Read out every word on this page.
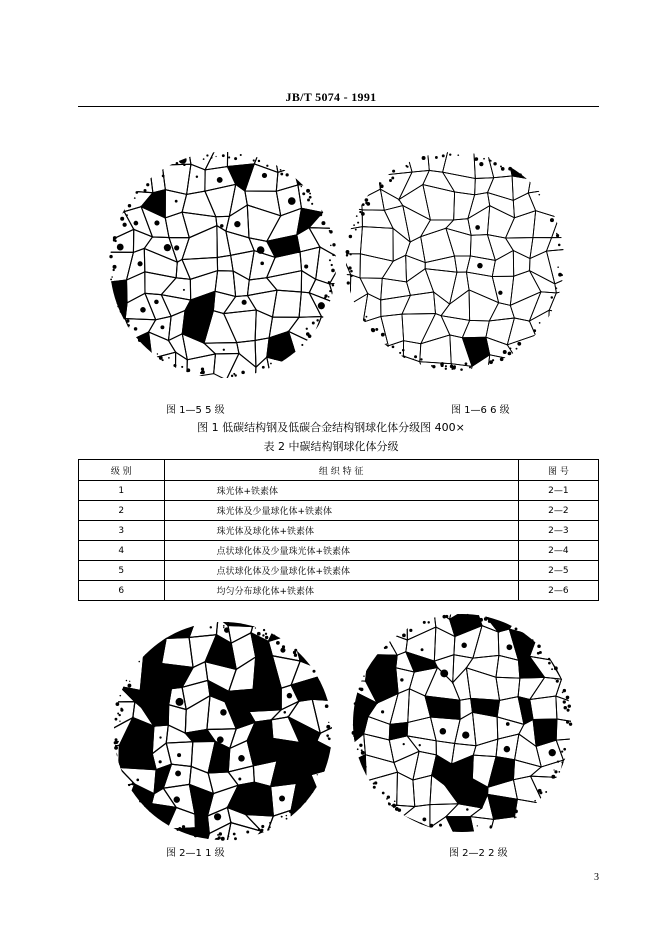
JB/T 5074 - 1991
图 1—5 5 级	图 1—6 6 级
图 1 低碳结构钢及低碳合金结构钢球化体分级图 400×
表 2 中碳结构钢球化体分级
级 别	组 织 特 征	图 号
1	珠光体+铁素体	2—1
2	珠光体及少量球化体+铁素体	2—2
3	珠光体及球化体+铁素体	2—3
4	点状球化体及少量珠光体+铁素体	2—4
5	点状球化体及少量球化体+铁素体	2—5
6	均匀分布球化体+铁素体	2—6
图 2—1 1 级	图 2—2 2 级
3
